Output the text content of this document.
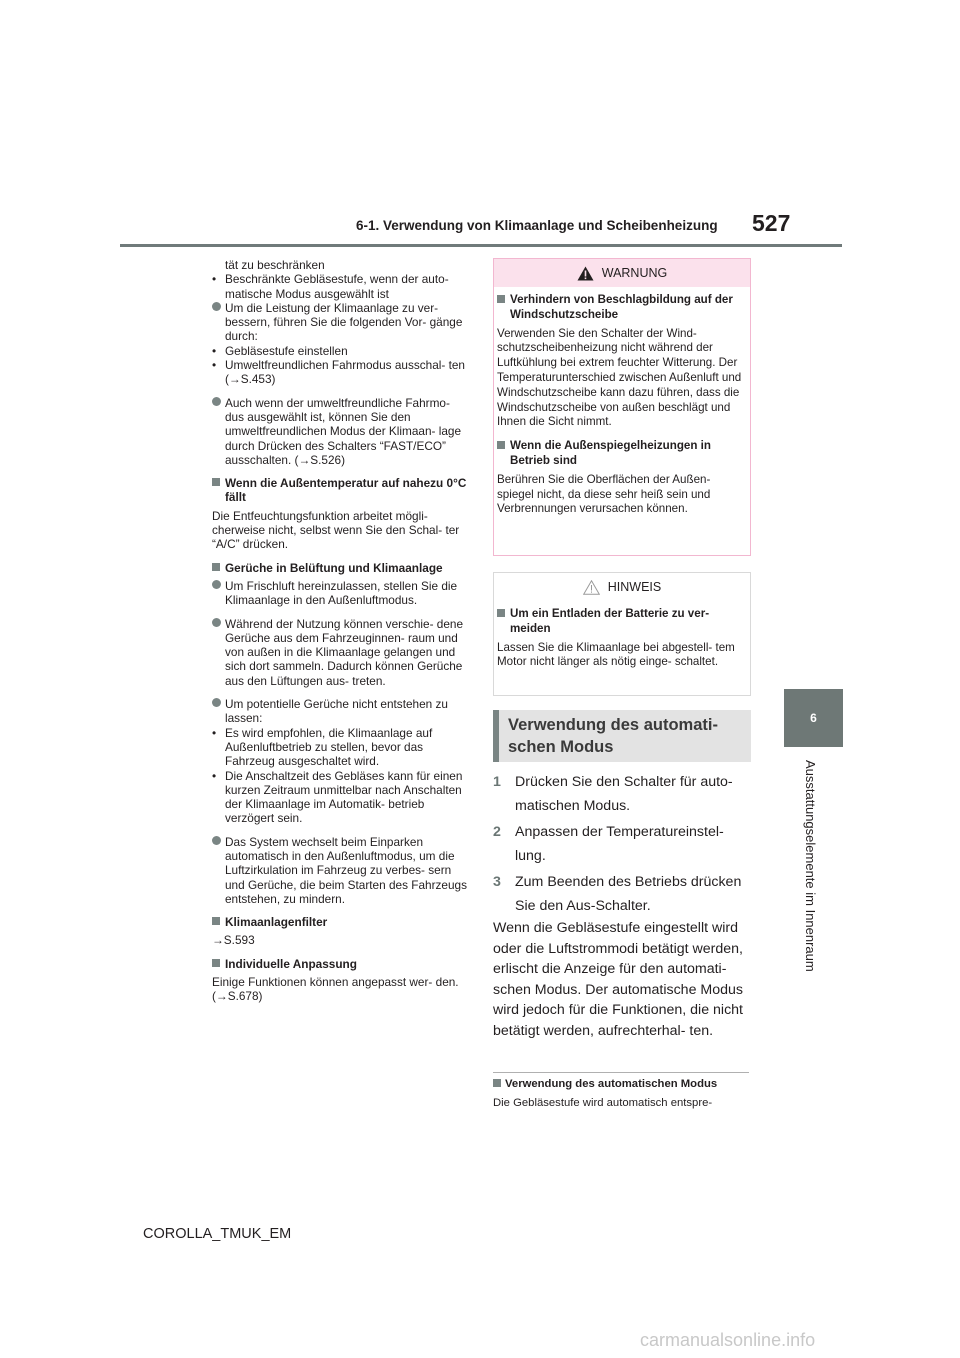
6-1. Verwendung von Klimaanlage und Scheibenheizung 527
6
Ausstattungselemente im Innenraum

tät zu beschränken

• Beschränkte Gebläsestufe, wenn der auto- matische Modus ausgewählt ist

Um die Leistung der Klimaanlage zu ver- bessern, führen Sie die folgenden Vor- gänge durch:

• Gebläsestufe einstellen

• Umweltfreundlichen Fahrmodus ausschal- ten (→S.453)

Auch wenn der umweltfreundliche Fahrmo- dus ausgewählt ist, können Sie den umweltfreundlichen Modus der Klimaan- lage durch Drücken des Schalters “FAST/ECO” ausschalten. (→S.526)
Wenn die Außentemperatur auf nahezu 0°C fällt

Die Entfeuchtungsfunktion arbeitet mögli- cherweise nicht, selbst wenn Sie den Schal- ter “A/C” drücken.

Gerüche in Belüftung und Klimaanlage
Um Frischluft hereinzulassen, stellen Sie die Klimaanlage in den Außenluftmodus.
Während der Nutzung können verschie- dene Gerüche aus dem Fahrzeuginnen- raum und von außen in die Klimaanlage gelangen und sich dort sammeln. Dadurch können Gerüche aus den Lüftungen aus- treten.
Um potentielle Gerüche nicht entstehen zu lassen:

• Es wird empfohlen, die Klimaanlage auf Außenluftbetrieb zu stellen, bevor das Fahrzeug ausgeschaltet wird.

• Die Anschaltzeit des Gebläses kann für einen kurzen Zeitraum unmittelbar nach Anschalten der Klimaanlage im Automatik- betrieb verzögert sein.

Das System wechselt beim Einparken automatisch in den Außenluftmodus, um die Luftzirkulation im Fahrzeug zu verbes- sern und Gerüche, die beim Starten des Fahrzeugs entstehen, zu mindern.
Klimaanlagenfilter

→S.593

Individuelle Anpassung

Einige Funktionen können angepasst wer- den. (→S.678)

WARNUNG
Verhindern von Beschlagbildung auf der Windschutzscheibe

Verwenden Sie den Schalter der Wind- schutzscheibenheizung nicht während der Luftkühlung bei extrem feuchter Witterung. Der Temperaturunterschied zwischen Außenluft und Windschutzscheibe kann dazu führen, dass die Windschutzscheibe von außen beschlägt und Ihnen die Sicht nimmt.

Wenn die Außenspiegelheizungen in Betrieb sind

Berühren Sie die Oberflächen der Außen- spiegel nicht, da diese sehr heiß sein und Verbrennungen verursachen können.

HINWEIS
Um ein Entladen der Batterie zu ver- meiden

Lassen Sie die Klimaanlage bei abgestell- tem Motor nicht länger als nötig einge- schaltet.

Verwendung des automati-
schen Modus
1 Drücken Sie den Schalter für auto- matischen Modus.
2 Anpassen der Temperatureinstel- lung.
3 Zum Beenden des Betriebs drücken Sie den Aus-Schalter.
Wenn die Gebläsestufe eingestellt wird oder die Luftstrommodi betätigt werden, erlischt die Anzeige für den automati- schen Modus. Der automatische Modus wird jedoch für die Funktionen, die nicht betätigt werden, aufrechterhal- ten.
Verwendung des automatischen Modus
Die Gebläsestufe wird automatisch entspre-
COROLLA_TMUK_EM
carmanualsonline.info
